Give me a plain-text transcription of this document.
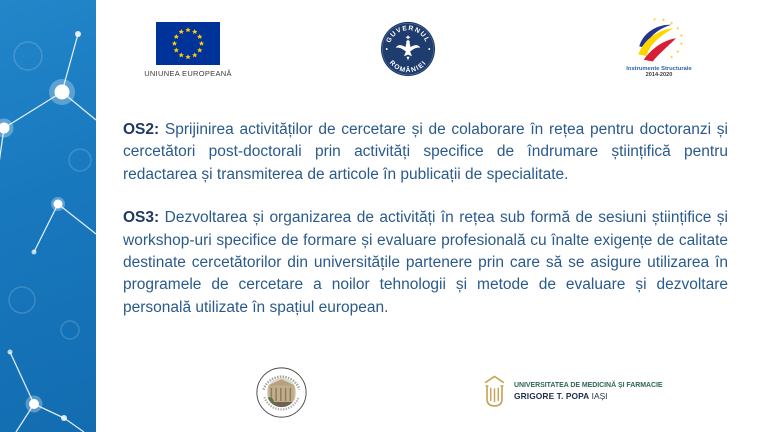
UNIUNEA EUROPEANĂ
GUVERNUL
ROMÂNIEI
Instrumente Structurale
2014-2020

OS2: Sprijinirea activităților de cercetare și de colaborare în rețea pentru doctoranzi și cercetători post-doctorali prin activități specifice de îndrumare științifică pentru redactarea și transmiterea de articole în publicații de specialitate.

OS3: Dezvoltarea și organizarea de activități în rețea sub formă de sesiuni științifice și workshop-uri specifice de formare și evaluare profesională cu înalte exigențe de calitate destinate cercetătorilor din universitățile partenere prin care să se asigure utilizarea în programele de cercetare a noilor tehnologii și metode de evaluare și dezvoltare personală utilizate în spațiul european.

UNIVERSITATEA DE MEDICINĂ ȘI FARMACIE
GRIGORE T. POPA IAȘI
